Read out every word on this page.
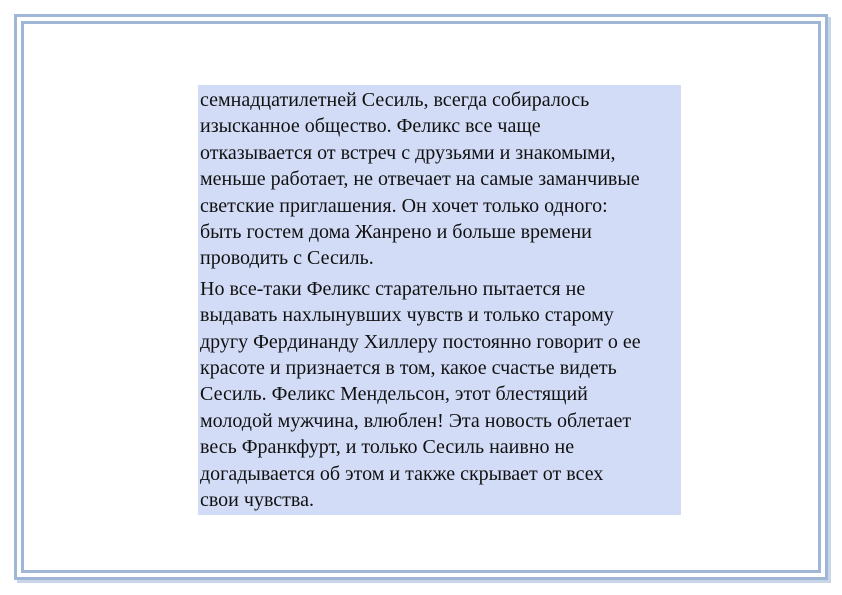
семнадцатилетней Сесиль, всегда собиралось
изысканное общество. Феликс все чаще
отказывается от встреч с друзьями и знакомыми,
меньше работает, не отвечает на самые заманчивые
светские приглашения. Он хочет только одного:
быть гостем дома Жанрено и больше времени
проводить с Сесиль.

Но все-таки Феликс старательно пытается не
выдавать нахлынувших чувств и только старому
другу Фердинанду Хиллеру постоянно говорит о ее
красоте и признается в том, какое счастье видеть
Сесиль. Феликс Мендельсон, этот блестящий
молодой мужчина, влюблен! Эта новость облетает
весь Франкфурт, и только Сесиль наивно не
догадывается об этом и также скрывает от всех
свои чувства.
